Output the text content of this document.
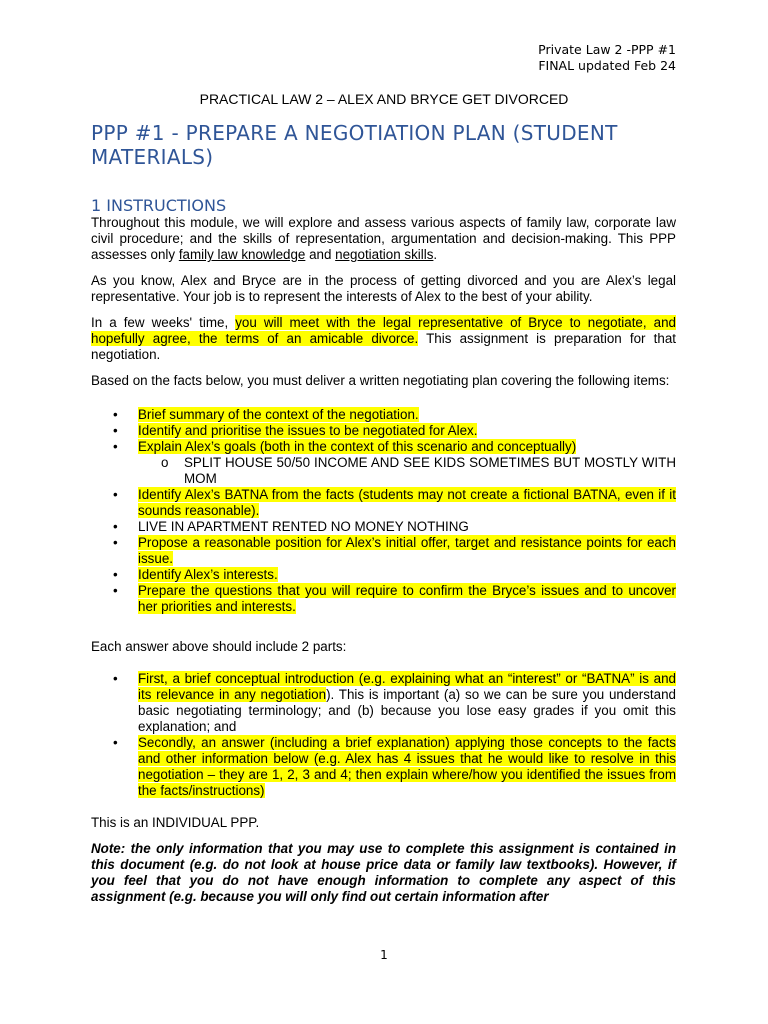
Private Law 2 -PPP #1
FINAL updated Feb 24
PRACTICAL LAW 2 – ALEX AND BRYCE GET DIVORCED
PPP #1 - PREPARE A NEGOTIATION PLAN (STUDENT MATERIALS)
1 INSTRUCTIONS

Throughout this module, we will explore and assess various aspects of family law, corporate law civil procedure; and the skills of representation, argumentation and decision-making. This PPP assesses only family law knowledge and negotiation skills.

As you know, Alex and Bryce are in the process of getting divorced and you are Alex’s legal representative. Your job is to represent the interests of Alex to the best of your ability.

In a few weeks' time, you will meet with the legal representative of Bryce to negotiate, and hopefully agree, the terms of an amicable divorce. This assignment is preparation for that negotiation.

Based on the facts below, you must deliver a written negotiating plan covering the following items:

• Brief summary of the context of the negotiation.
• Identify and prioritise the issues to be negotiated for Alex.
• Explain Alex’s goals (both in the context of this scenario and conceptually)
o SPLIT HOUSE 50/50 INCOME AND SEE KIDS SOMETIMES BUT MOSTLY WITH MOM
• Identify Alex’s BATNA from the facts (students may not create a fictional BATNA, even if it sounds reasonable).
• LIVE IN APARTMENT RENTED NO MONEY NOTHING
• Propose a reasonable position for Alex’s initial offer, target and resistance points for each issue.
• Identify Alex’s interests.
• Prepare the questions that you will require to confirm the Bryce’s issues and to uncover her priorities and interests.

Each answer above should include 2 parts:

• First, a brief conceptual introduction (e.g. explaining what an “interest” or “BATNA” is and its relevance in any negotiation). This is important (a) so we can be sure you understand basic negotiating terminology; and (b) because you lose easy grades if you omit this explanation; and
• Secondly, an answer (including a brief explanation) applying those concepts to the facts and other information below (e.g. Alex has 4 issues that he would like to resolve in this negotiation – they are 1, 2, 3 and 4; then explain where/how you identified the issues from the facts/instructions)

This is an INDIVIDUAL PPP.

Note: the only information that you may use to complete this assignment is contained in this document (e.g. do not look at house price data or family law textbooks). However, if you feel that you do not have enough information to complete any aspect of this assignment (e.g. because you will only find out certain information after

1
